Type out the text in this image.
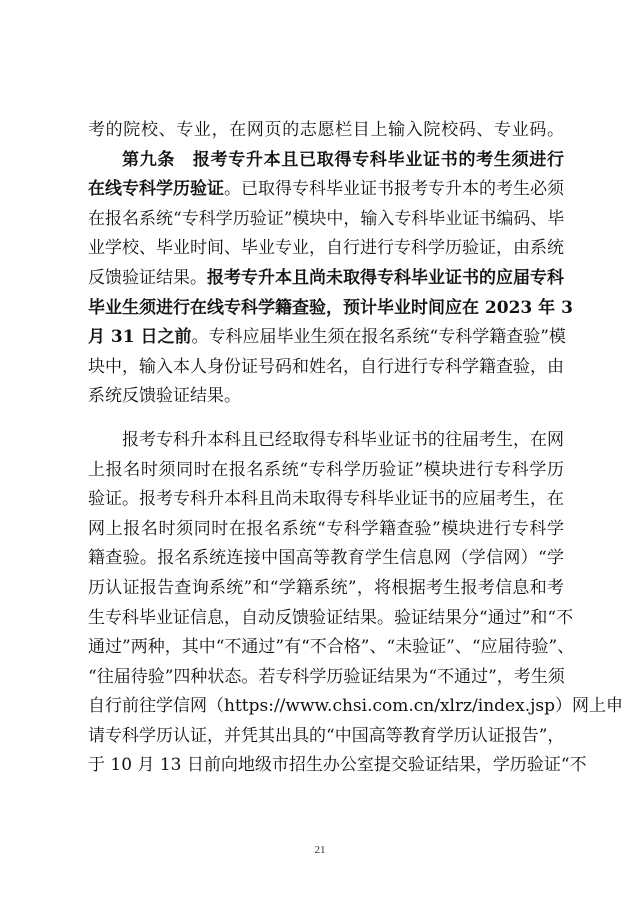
考的院校、专业，在网页的志愿栏目上输入院校码、专业码。
第九条　报考专升本且已取得专科毕业证书的考生须进行
在线专科学历验证。已取得专科毕业证书报考专升本的考生必须
在报名系统“专科学历验证”模块中，输入专科毕业证书编码、毕
业学校、毕业时间、毕业专业，自行进行专科学历验证，由系统
反馈验证结果。报考专升本且尚未取得专科毕业证书的应届专科
毕业生须进行在线专科学籍查验，预计毕业时间应在 2023 年 3
月 31 日之前。专科应届毕业生须在报名系统“专科学籍查验”模
块中，输入本人身份证号码和姓名，自行进行专科学籍查验，由
系统反馈验证结果。
报考专科升本科且已经取得专科毕业证书的往届考生，在网
上报名时须同时在报名系统“专科学历验证”模块进行专科学历
验证。报考专科升本科且尚未取得专科毕业证书的应届考生，在
网上报名时须同时在报名系统“专科学籍查验”模块进行专科学
籍查验。报名系统连接中国高等教育学生信息网（学信网）“学
历认证报告查询系统”和“学籍系统”，将根据考生报考信息和考
生专科毕业证信息，自动反馈验证结果。验证结果分“通过”和“不
通过”两种，其中“不通过”有“不合格”、“未验证”、“应届待验”、
“往届待验”四种状态。若专科学历验证结果为“不通过”，考生须
自行前往学信网（https://www.chsi.com.cn/xlrz/index.jsp）网上申
请专科学历认证，并凭其出具的“中国高等教育学历认证报告”，
于 10 月 13 日前向地级市招生办公室提交验证结果，学历验证“不
21
